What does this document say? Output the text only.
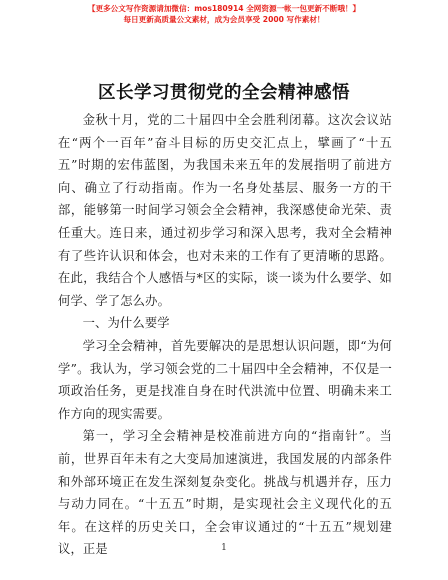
【更多公文写作资源请加微信：mos180914 全网资源一帐一包更新不断哦！】
每日更新高质量公文素材，成为会员享受 2000 写作素材！
区长学习贯彻党的全会精神感悟

金秋十月，党的二十届四中全会胜利闭幕。这次会议站在“两个一百年”奋斗目标的历史交汇点上，擘画了“十五五”时期的宏伟蓝图，为我国未来五年的发展指明了前进方向、确立了行动指南。作为一名身处基层、服务一方的干部，能够第一时间学习领会全会精神，我深感使命光荣、责任重大。连日来，通过初步学习和深入思考，我对全会精神有了些许认识和体会，也对未来的工作有了更清晰的思路。在此，我结合个人感悟与*区的实际，谈一谈为什么要学、如何学、学了怎么办。

一、为什么要学

学习全会精神，首先要解决的是思想认识问题，即“为何学”。我认为，学习领会党的二十届四中全会精神，不仅是一项政治任务，更是找准自身在时代洪流中位置、明确未来工作方向的现实需要。

第一，学习全会精神是校准前进方向的“指南针”。当前，世界百年未有之大变局加速演进，我国发展的内部条件和外部环境正在发生深刻复杂变化。挑战与机遇并存，压力与动力同在。“十五五”时期，是实现社会主义现代化的五年。在这样的历史关口，全会审议通过的“十五五”规划建议，正是	1
